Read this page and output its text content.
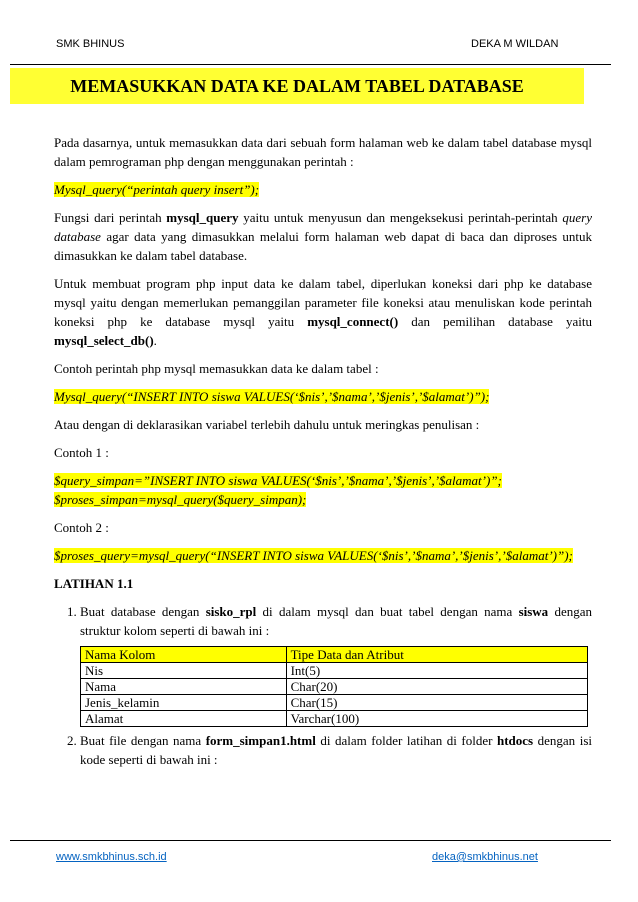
SMK BHINUS	DEKA M WILDAN
MEMASUKKAN DATA KE DALAM TABEL DATABASE

Pada dasarnya, untuk memasukkan data dari sebuah form halaman web ke dalam tabel database mysql dalam pemrograman php dengan menggunakan perintah :

Mysql_query(“perintah query insert”);

Fungsi dari perintah mysql_query yaitu untuk menyusun dan mengeksekusi perintah-perintah query database agar data yang dimasukkan melalui form halaman web dapat di baca dan diproses untuk dimasukkan ke dalam tabel database.

Untuk membuat program php input data ke dalam tabel, diperlukan koneksi dari php ke database mysql yaitu dengan memerlukan pemanggilan parameter file koneksi atau menuliskan kode perintah koneksi php ke database mysql yaitu mysql_connect() dan pemilihan database yaitu mysql_select_db().

Contoh perintah php mysql memasukkan data ke dalam tabel :

Mysql_query(“INSERT INTO siswa VALUES(‘$nis’,’$nama’,’$jenis’,’$alamat’)”);

Atau dengan di deklarasikan variabel terlebih dahulu untuk meringkas penulisan :

Contoh 1 :

$query_simpan=”INSERT INTO siswa VALUES(‘$nis’,’$nama’,’$jenis’,’$alamat’)”;
$proses_simpan=mysql_query($query_simpan);

Contoh 2 :

$proses_query=mysql_query(“INSERT INTO siswa VALUES(‘$nis’,’$nama’,’$jenis’,’$alamat’)”);

LATIHAN 1.1

1. Buat database dengan sisko_rpl di dalam mysql dan buat tabel dengan nama siswa dengan struktur kolom seperti di bawah ini :
Nama Kolom	Tipe Data dan Atribut
Nis	Int(5)
Nama	Char(20)
Jenis_kelamin	Char(15)
Alamat	Varchar(100)
2. Buat file dengan nama form_simpan1.html di dalam folder latihan di folder htdocs dengan isi kode seperti di bawah ini :
www.smkbhinus.sch.id	deka@smkbhinus.net
